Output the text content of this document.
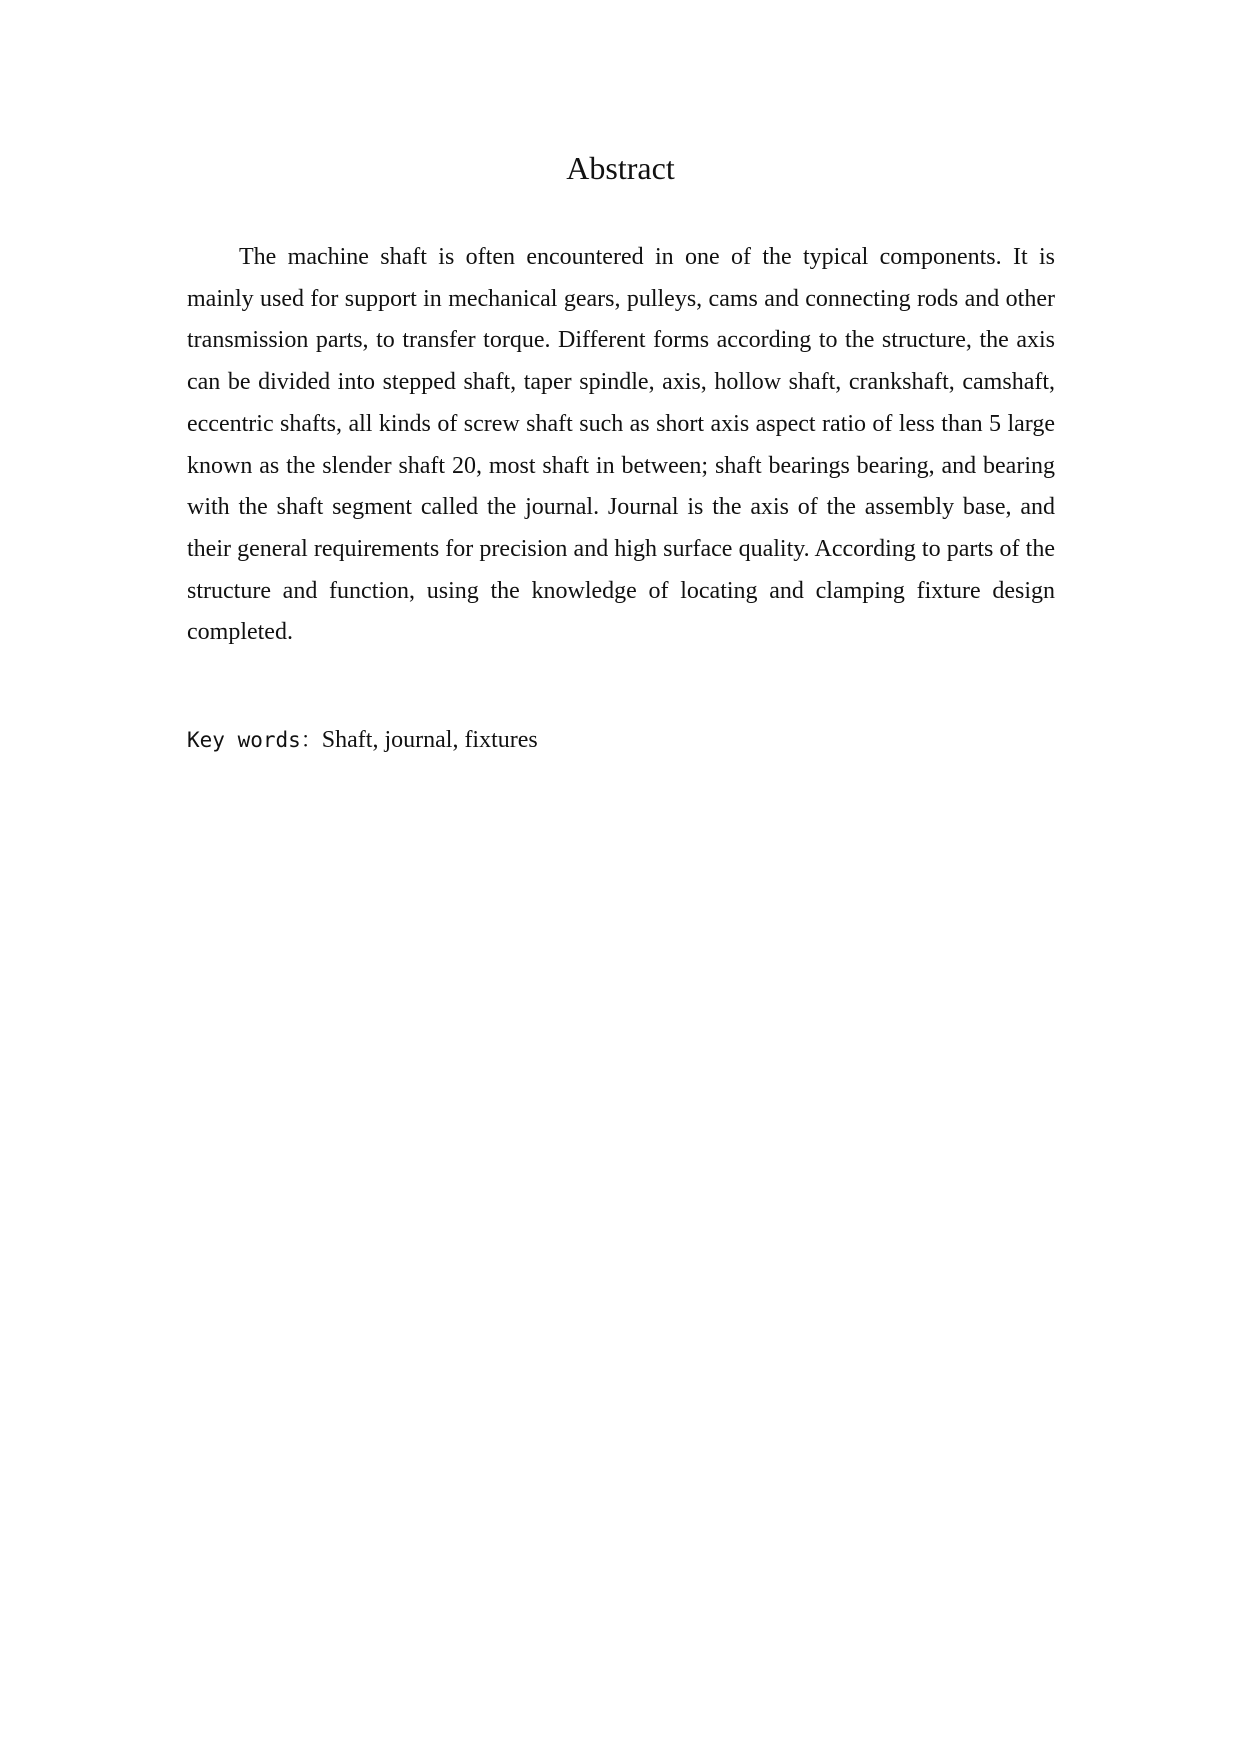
Abstract

The machine shaft is often encountered in one of the typical components. It is mainly used for support in mechanical gears, pulleys, cams and connecting rods and other transmission parts, to transfer torque. Different forms according to the structure, the axis can be divided into stepped shaft, taper spindle, axis, hollow shaft, crankshaft, camshaft, eccentric shafts, all kinds of screw shaft such as short axis aspect ratio of less than 5 large known as the slender shaft 20, most shaft in between; shaft bearings bearing, and bearing with the shaft segment called the journal. Journal is the axis of the assembly base, and their general requirements for precision and high surface quality. According to parts of the structure and function, using the knowledge of locating and clamping fixture design completed.

Key words：Shaft, journal, fixtures
